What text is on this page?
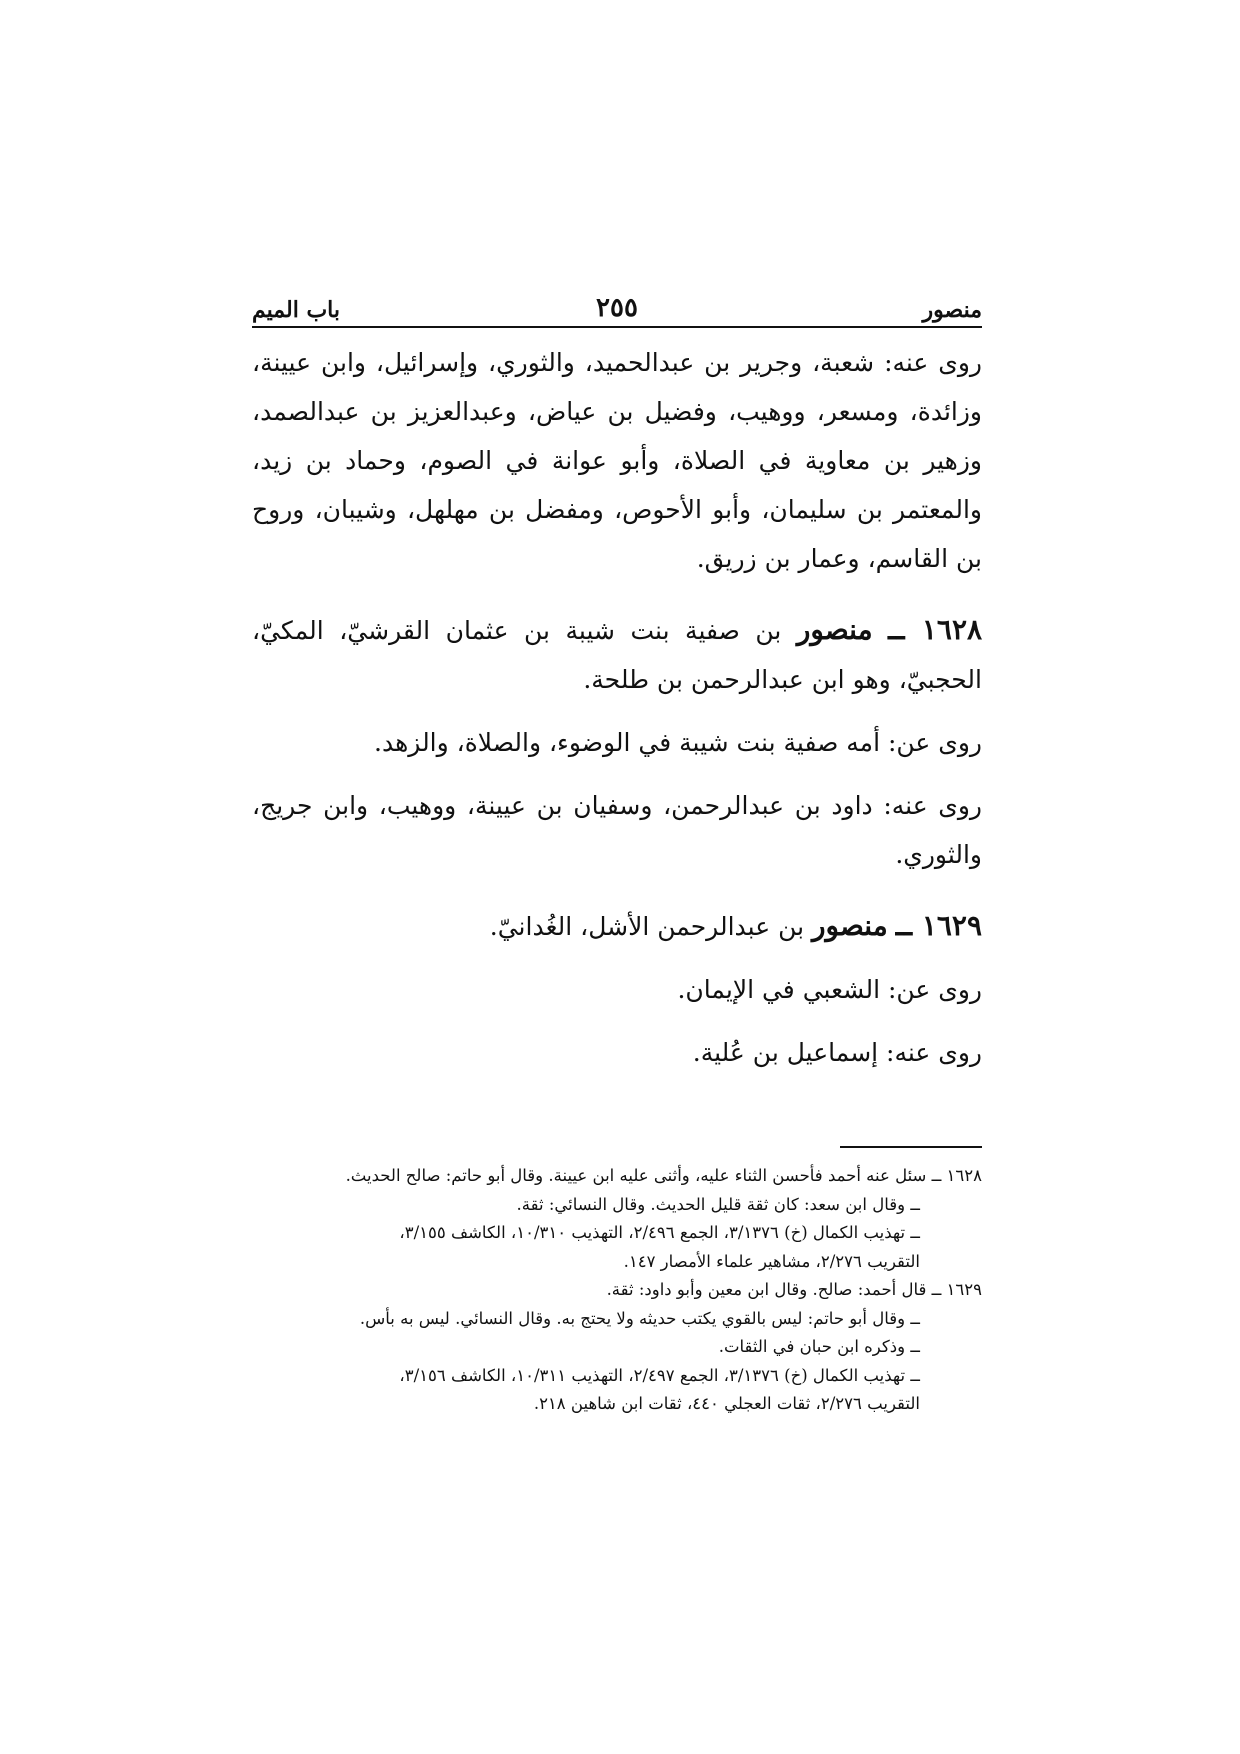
باب الميم	٢٥٥	منصور

روى عنه: شعبة، وجرير بن عبدالحميد، والثوري، وإسرائيل، وابن عيينة، وزائدة، ومسعر، ووهيب، وفضيل بن عياض، وعبدالعزيز بن عبدالصمد، وزهير بن معاوية في الصلاة، وأبو عوانة في الصوم، وحماد بن زيد، والمعتمر بن سليمان، وأبو الأحوص، ومفضل بن مهلهل، وشيبان، وروح بن القاسم، وعمار بن زريق.

١٦٢٨ ــ منصور بن صفية بنت شيبة بن عثمان القرشيّ، المكيّ، الحجبيّ، وهو ابن عبدالرحمن بن طلحة.

روى عن: أمه صفية بنت شيبة في الوضوء، والصلاة، والزهد.

روى عنه: داود بن عبدالرحمن، وسفيان بن عيينة، ووهيب، وابن جريج، والثوري.

١٦٢٩ ــ منصور بن عبدالرحمن الأشل، الغُدانيّ.

روى عن: الشعبي في الإيمان.

روى عنه: إسماعيل بن عُلية.

١٦٢٨ ــ سئل عنه أحمد فأحسن الثناء عليه، وأثنى عليه ابن عيينة. وقال أبو حاتم: صالح الحديث.

ــ وقال ابن سعد: كان ثقة قليل الحديث. وقال النسائي: ثقة.

ــ تهذيب الكمال (خ) ٣/١٣٧٦، الجمع ٢/٤٩٦، التهذيب ١٠/٣١٠، الكاشف ٣/١٥٥،

التقريب ٢/٢٧٦، مشاهير علماء الأمصار ١٤٧.

١٦٢٩ ــ قال أحمد: صالح. وقال ابن معين وأبو داود: ثقة.

ــ وقال أبو حاتم: ليس بالقوي يكتب حديثه ولا يحتج به. وقال النسائي. ليس به بأس.

ــ وذكره ابن حبان في الثقات.

ــ تهذيب الكمال (خ) ٣/١٣٧٦، الجمع ٢/٤٩٧، التهذيب ١٠/٣١١، الكاشف ٣/١٥٦،

التقريب ٢/٢٧٦، ثقات العجلي ٤٤٠، ثقات ابن شاهين ٢١٨.
